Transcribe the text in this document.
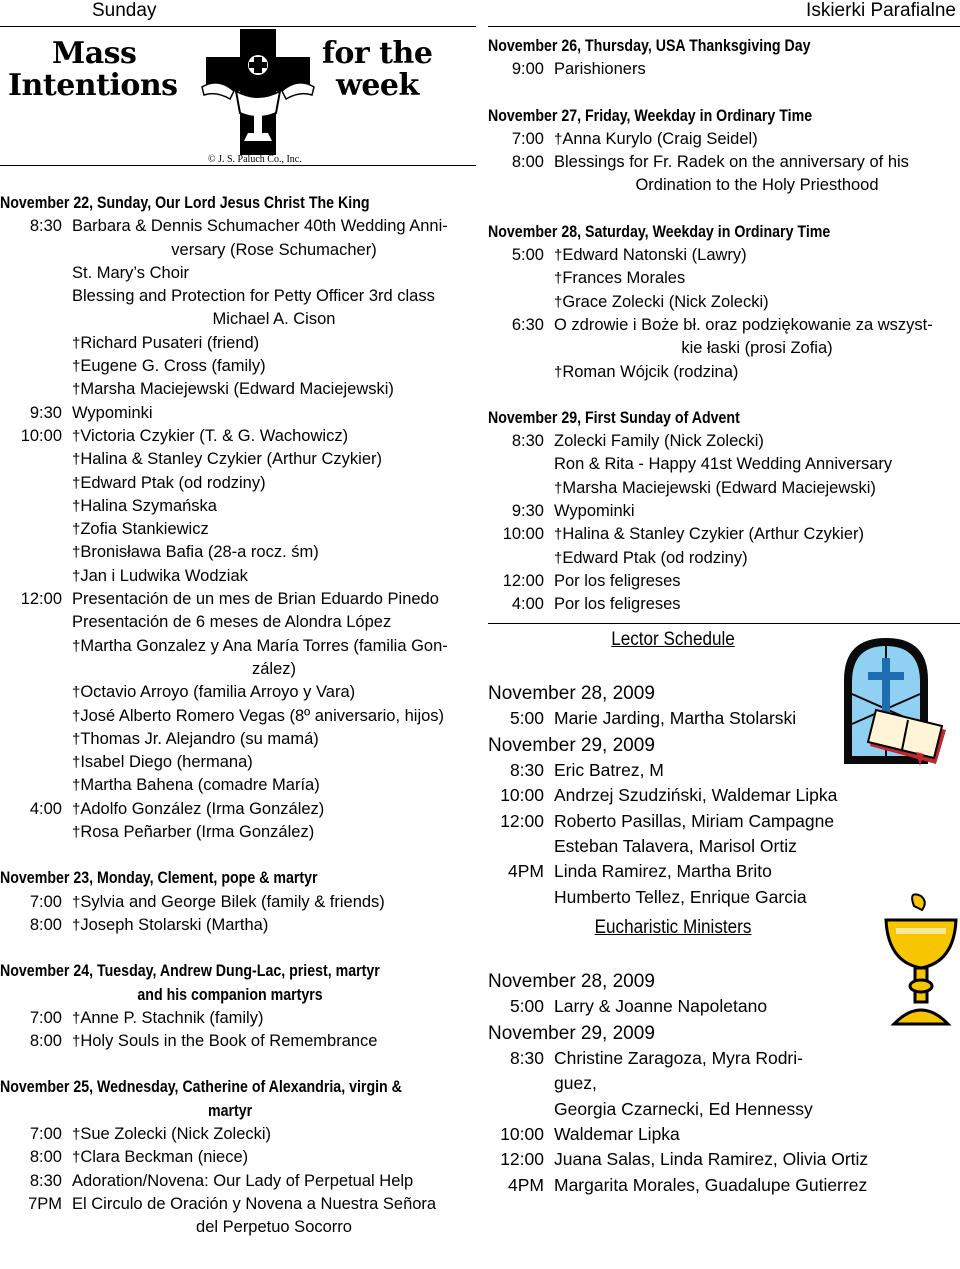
Sunday
Mass
Intentions
for the
week
© J. S. Paluch Co., Inc.
November 22, Sunday, Our Lord Jesus Christ The King
8:30 Barbara & Dennis Schumacher 40th Wedding Anni-
versary (Rose Schumacher)
St. Mary’s Choir
Blessing and Protection for Petty Officer 3rd class
Michael A. Cison
†Richard Pusateri (friend)
†Eugene G. Cross (family)
†Marsha Maciejewski (Edward Maciejewski)
9:30 Wypominki
10:00 †Victoria Czykier (T. & G. Wachowicz)
†Halina & Stanley Czykier (Arthur Czykier)
†Edward Ptak (od rodziny)
†Halina Szymańska
†Zofia Stankiewicz
†Bronisława Bafia (28-a rocz. śm)
†Jan i Ludwika Wodziak
12:00 Presentación de un mes de Brian Eduardo Pinedo
Presentación de 6 meses de Alondra López
†Martha Gonzalez y Ana María Torres (familia Gon-
zález)
†Octavio Arroyo (familia Arroyo y Vara)
†José Alberto Romero Vegas (8º aniversario, hijos)
†Thomas Jr. Alejandro (su mamá)
†Isabel Diego (hermana)
†Martha Bahena (comadre María)
4:00 †Adolfo González (Irma González)
†Rosa Peñarber (Irma González)
November 23, Monday, Clement, pope & martyr
7:00 †Sylvia and George Bilek (family & friends)
8:00 †Joseph Stolarski (Martha)
November 24, Tuesday, Andrew Dung-Lac, priest, martyr
and his companion martyrs
7:00 †Anne P. Stachnik (family)
8:00 †Holy Souls in the Book of Remembrance
November 25, Wednesday, Catherine of Alexandria, virgin &
martyr
7:00 †Sue Zolecki (Nick Zolecki)
8:00 †Clara Beckman (niece)
8:30 Adoration/Novena: Our Lady of Perpetual Help
7PM El Circulo de Oración y Novena a Nuestra Señora
del Perpetuo Socorro
Iskierki Parafialne
November 26, Thursday, USA Thanksgiving Day
9:00 Parishioners
November 27, Friday, Weekday in Ordinary Time
7:00 †Anna Kurylo (Craig Seidel)
8:00 Blessings for Fr. Radek on the anniversary of his
Ordination to the Holy Priesthood
November 28, Saturday, Weekday in Ordinary Time
5:00 †Edward Natonski (Lawry)
†Frances Morales
†Grace Zolecki (Nick Zolecki)
6:30 O zdrowie i Boże bł. oraz podziękowanie za wszyst-
kie łaski (prosi Zofia)
†Roman Wójcik (rodzina)
November 29, First Sunday of Advent
8:30 Zolecki Family (Nick Zolecki)
Ron & Rita - Happy 41st Wedding Anniversary
†Marsha Maciejewski (Edward Maciejewski)
9:30 Wypominki
10:00 †Halina & Stanley Czykier (Arthur Czykier)
†Edward Ptak (od rodziny)
12:00 Por los feligreses
4:00 Por los feligreses
Lector Schedule
November 28, 2009
5:00 Marie Jarding, Martha Stolarski
November 29, 2009
8:30 Eric Batrez, M
10:00 Andrzej Szudziński, Waldemar Lipka
12:00 Roberto Pasillas, Miriam Campagne
Esteban Talavera, Marisol Ortiz
4PM Linda Ramirez, Martha Brito
Humberto Tellez, Enrique Garcia
Eucharistic Ministers
November 28, 2009
5:00 Larry & Joanne Napoletano
November 29, 2009
8:30 Christine Zaragoza, Myra Rodri-
guez,
Georgia Czarnecki, Ed Hennessy
10:00 Waldemar Lipka
12:00 Juana Salas, Linda Ramirez, Olivia Ortiz
4PM Margarita Morales, Guadalupe Gutierrez
